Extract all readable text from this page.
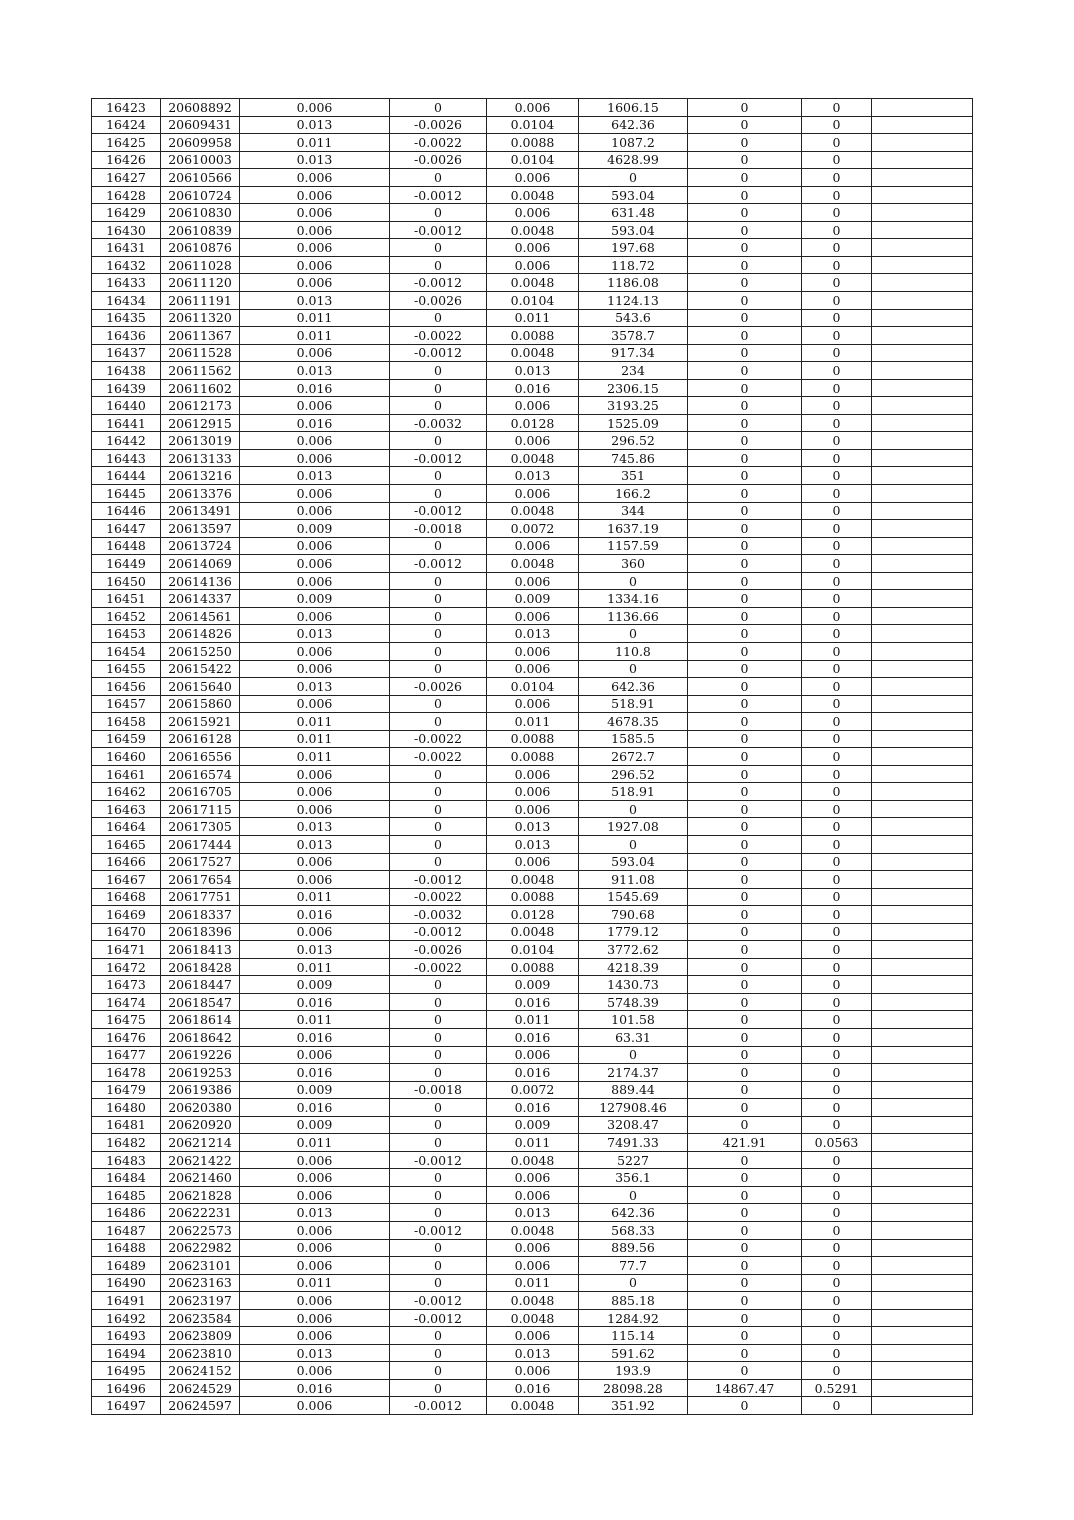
16423	20608892	0.006	0	0.006	1606.15	0	0	
16424	20609431	0.013	-0.0026	0.0104	642.36	0	0	
16425	20609958	0.011	-0.0022	0.0088	1087.2	0	0	
16426	20610003	0.013	-0.0026	0.0104	4628.99	0	0	
16427	20610566	0.006	0	0.006	0	0	0	
16428	20610724	0.006	-0.0012	0.0048	593.04	0	0	
16429	20610830	0.006	0	0.006	631.48	0	0	
16430	20610839	0.006	-0.0012	0.0048	593.04	0	0	
16431	20610876	0.006	0	0.006	197.68	0	0	
16432	20611028	0.006	0	0.006	118.72	0	0	
16433	20611120	0.006	-0.0012	0.0048	1186.08	0	0	
16434	20611191	0.013	-0.0026	0.0104	1124.13	0	0	
16435	20611320	0.011	0	0.011	543.6	0	0	
16436	20611367	0.011	-0.0022	0.0088	3578.7	0	0	
16437	20611528	0.006	-0.0012	0.0048	917.34	0	0	
16438	20611562	0.013	0	0.013	234	0	0	
16439	20611602	0.016	0	0.016	2306.15	0	0	
16440	20612173	0.006	0	0.006	3193.25	0	0	
16441	20612915	0.016	-0.0032	0.0128	1525.09	0	0	
16442	20613019	0.006	0	0.006	296.52	0	0	
16443	20613133	0.006	-0.0012	0.0048	745.86	0	0	
16444	20613216	0.013	0	0.013	351	0	0	
16445	20613376	0.006	0	0.006	166.2	0	0	
16446	20613491	0.006	-0.0012	0.0048	344	0	0	
16447	20613597	0.009	-0.0018	0.0072	1637.19	0	0	
16448	20613724	0.006	0	0.006	1157.59	0	0	
16449	20614069	0.006	-0.0012	0.0048	360	0	0	
16450	20614136	0.006	0	0.006	0	0	0	
16451	20614337	0.009	0	0.009	1334.16	0	0	
16452	20614561	0.006	0	0.006	1136.66	0	0	
16453	20614826	0.013	0	0.013	0	0	0	
16454	20615250	0.006	0	0.006	110.8	0	0	
16455	20615422	0.006	0	0.006	0	0	0	
16456	20615640	0.013	-0.0026	0.0104	642.36	0	0	
16457	20615860	0.006	0	0.006	518.91	0	0	
16458	20615921	0.011	0	0.011	4678.35	0	0	
16459	20616128	0.011	-0.0022	0.0088	1585.5	0	0	
16460	20616556	0.011	-0.0022	0.0088	2672.7	0	0	
16461	20616574	0.006	0	0.006	296.52	0	0	
16462	20616705	0.006	0	0.006	518.91	0	0	
16463	20617115	0.006	0	0.006	0	0	0	
16464	20617305	0.013	0	0.013	1927.08	0	0	
16465	20617444	0.013	0	0.013	0	0	0	
16466	20617527	0.006	0	0.006	593.04	0	0	
16467	20617654	0.006	-0.0012	0.0048	911.08	0	0	
16468	20617751	0.011	-0.0022	0.0088	1545.69	0	0	
16469	20618337	0.016	-0.0032	0.0128	790.68	0	0	
16470	20618396	0.006	-0.0012	0.0048	1779.12	0	0	
16471	20618413	0.013	-0.0026	0.0104	3772.62	0	0	
16472	20618428	0.011	-0.0022	0.0088	4218.39	0	0	
16473	20618447	0.009	0	0.009	1430.73	0	0	
16474	20618547	0.016	0	0.016	5748.39	0	0	
16475	20618614	0.011	0	0.011	101.58	0	0	
16476	20618642	0.016	0	0.016	63.31	0	0	
16477	20619226	0.006	0	0.006	0	0	0	
16478	20619253	0.016	0	0.016	2174.37	0	0	
16479	20619386	0.009	-0.0018	0.0072	889.44	0	0	
16480	20620380	0.016	0	0.016	127908.46	0	0	
16481	20620920	0.009	0	0.009	3208.47	0	0	
16482	20621214	0.011	0	0.011	7491.33	421.91	0.0563	
16483	20621422	0.006	-0.0012	0.0048	5227	0	0	
16484	20621460	0.006	0	0.006	356.1	0	0	
16485	20621828	0.006	0	0.006	0	0	0	
16486	20622231	0.013	0	0.013	642.36	0	0	
16487	20622573	0.006	-0.0012	0.0048	568.33	0	0	
16488	20622982	0.006	0	0.006	889.56	0	0	
16489	20623101	0.006	0	0.006	77.7	0	0	
16490	20623163	0.011	0	0.011	0	0	0	
16491	20623197	0.006	-0.0012	0.0048	885.18	0	0	
16492	20623584	0.006	-0.0012	0.0048	1284.92	0	0	
16493	20623809	0.006	0	0.006	115.14	0	0	
16494	20623810	0.013	0	0.013	591.62	0	0	
16495	20624152	0.006	0	0.006	193.9	0	0	
16496	20624529	0.016	0	0.016	28098.28	14867.47	0.5291	
16497	20624597	0.006	-0.0012	0.0048	351.92	0	0	
